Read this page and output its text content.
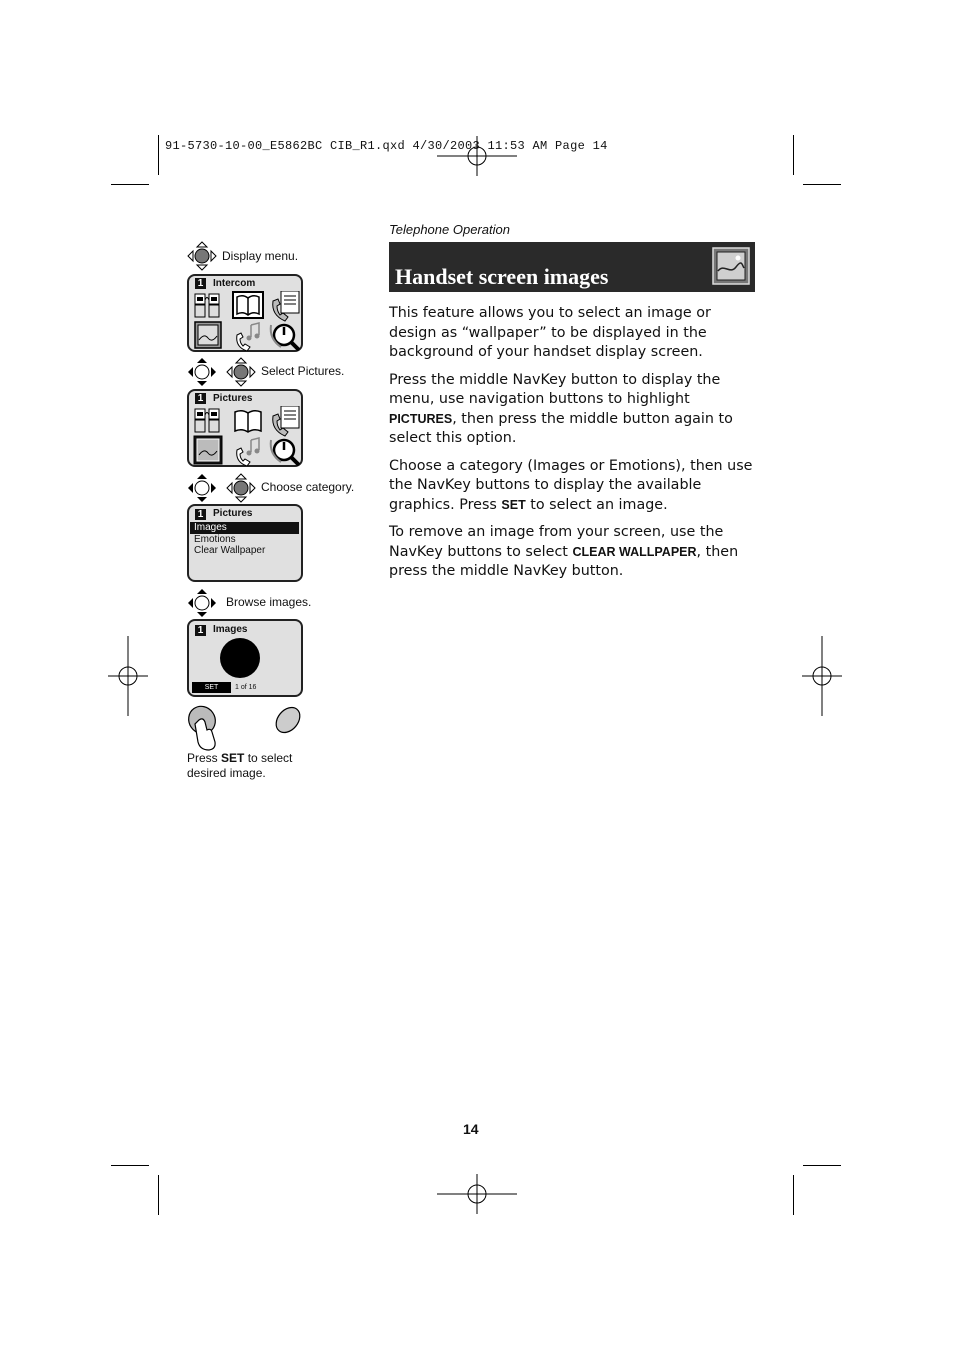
91-5730-10-00_E5862BC CIB_R1.qxd 4/30/2003 11:53 AM Page 14
Telephone Operation
Handset screen images

This feature allows you to select an image or design as “wallpaper” to be displayed in the background of your handset display screen.

Press the middle NavKey button to display the menu, use navigation buttons to highlight PICTURES, then press the middle button again to select this option.

Choose a category (Images or Emotions), then use the NavKey buttons to display the available graphics. Press SET to select an image.

To remove an image from your screen, use the NavKey buttons to select CLEAR WALLPAPER, then press the middle NavKey button.

Display menu.
1 Intercom
Select Pictures.
1 Pictures
Choose category.
1 Pictures
Images
Emotions
Clear Wallpaper
Browse images.
1 Images
SET	1 of 16
Press SET to select
desired image.
14
